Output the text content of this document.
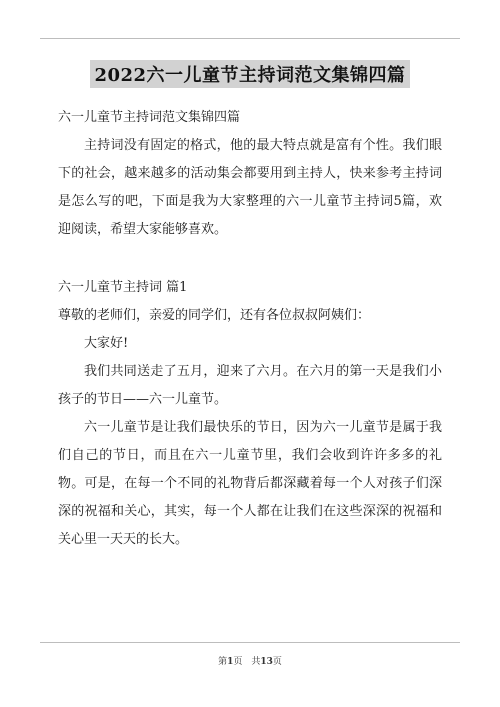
2022六一儿童节主持词范文集锦四篇

六一儿童节主持词范文集锦四篇

主持词没有固定的格式，他的最大特点就是富有个性。我们眼下的社会，越来越多的活动集会都要用到主持人，快来参考主持词是怎么写的吧，下面是我为大家整理的六一儿童节主持词5篇，欢迎阅读，希望大家能够喜欢。

六一儿童节主持词 篇1

尊敬的老师们，亲爱的同学们，还有各位叔叔阿姨们：

大家好!

我们共同送走了五月，迎来了六月。在六月的第一天是我们小孩子的节日——六一儿童节。

六一儿童节是让我们最快乐的节日，因为六一儿童节是属于我们自己的节日，而且在六一儿童节里，我们会收到许许多多的礼物。可是，在每一个不同的礼物背后都深藏着每一个人对孩子们深深的祝福和关心，其实，每一个人都在让我们在这些深深的祝福和关心里一天天的长大。

第1页　共13页
